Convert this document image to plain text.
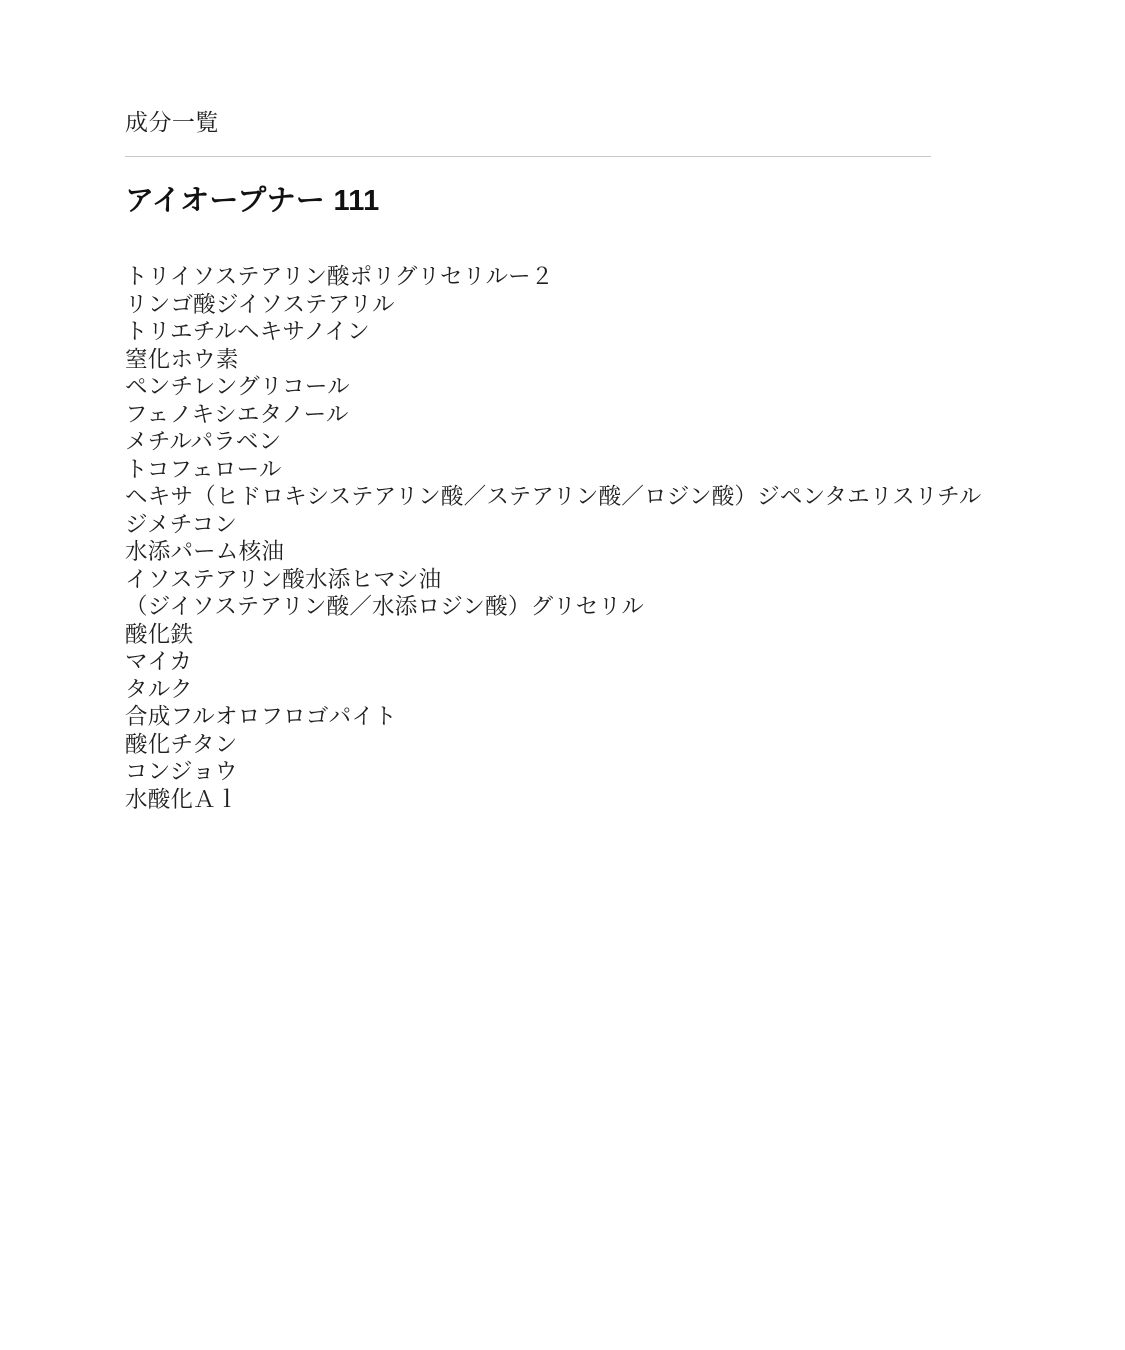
成分一覧
アイオープナー 111
トリイソステアリン酸ポリグリセリルー２
リンゴ酸ジイソステアリル
トリエチルヘキサノイン
窒化ホウ素
ペンチレングリコール
フェノキシエタノール
メチルパラベン
トコフェロール
ヘキサ（ヒドロキシステアリン酸／ステアリン酸／ロジン酸）ジペンタエリスリチル
ジメチコン
水添パーム核油
イソステアリン酸水添ヒマシ油
（ジイソステアリン酸／水添ロジン酸）グリセリル
酸化鉄
マイカ
タルク
合成フルオロフロゴパイト
酸化チタン
コンジョウ
水酸化Ａｌ
